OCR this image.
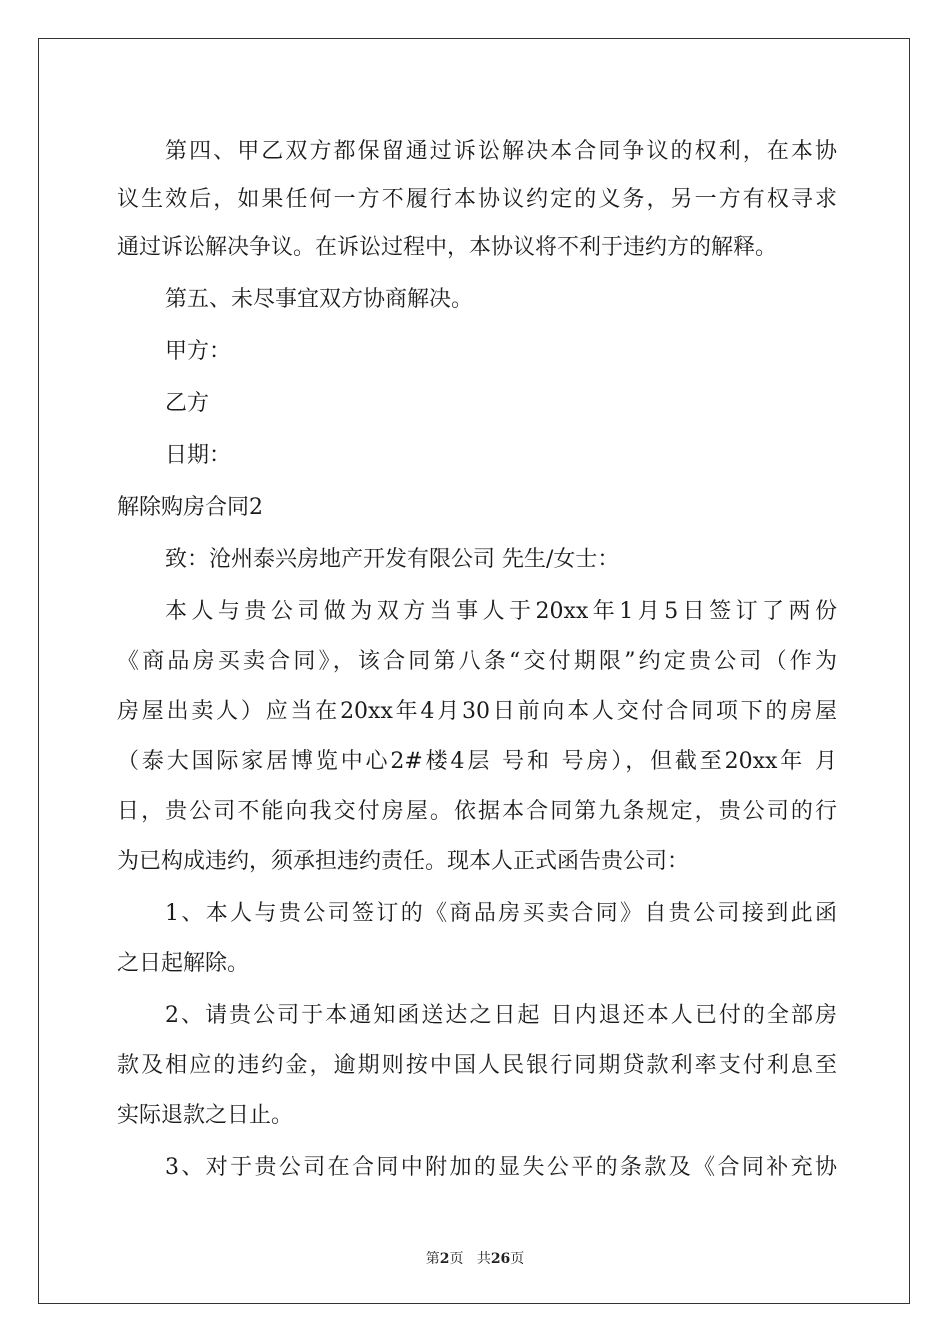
第四、甲乙双方都保留通过诉讼解决本合同争议的权利，在本协
议生效后，如果任何一方不履行本协议约定的义务，另一方有权寻求
通过诉讼解决争议。在诉讼过程中，本协议将不利于违约方的解释。
第五、未尽事宜双方协商解决。
甲方：
乙方
日期：
解除购房合同2
致：沧州泰兴房地产开发有限公司 先生/女士：
本人与贵公司做为双方当事人于20xx年1月5日签订了两份
《商品房买卖合同》，该合同第八条“交付期限”约定贵公司（作为
房屋出卖人）应当在20xx年4月30日前向本人交付合同项下的房屋
（泰大国际家居博览中心2#楼4层 号和 号房），但截至20xx年 月
日，贵公司不能向我交付房屋。依据本合同第九条规定，贵公司的行
为已构成违约，须承担违约责任。现本人正式函告贵公司：
1、本人与贵公司签订的《商品房买卖合同》自贵公司接到此函
之日起解除。
2、请贵公司于本通知函送达之日起 日内退还本人已付的全部房
款及相应的违约金，逾期则按中国人民银行同期贷款利率支付利息至
实际退款之日止。
3、对于贵公司在合同中附加的显失公平的条款及《合同补充协
第2页 共26页
